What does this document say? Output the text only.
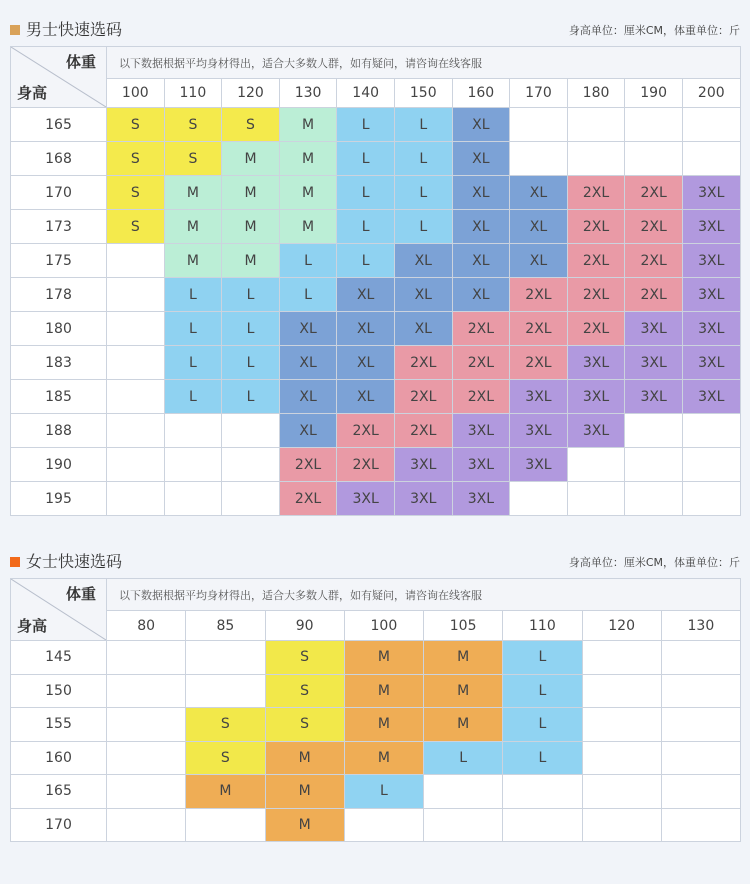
男士快速选码	身高单位：厘米CM，体重单位：斤
体重
身高	以下数据根据平均身材得出，适合大多数人群，如有疑问，请咨询在线客服										
	100	110	120	130	140	150	160	170	180	190	200
165	S	S	S	M	L	L	XL				
168	S	S	M	M	L	L	XL				
170	S	M	M	M	L	L	XL	XL	2XL	2XL	3XL
173	S	M	M	M	L	L	XL	XL	2XL	2XL	3XL
175		M	M	L	L	XL	XL	XL	2XL	2XL	3XL
178		L	L	L	XL	XL	XL	2XL	2XL	2XL	3XL
180		L	L	XL	XL	XL	2XL	2XL	2XL	3XL	3XL
183		L	L	XL	XL	2XL	2XL	2XL	3XL	3XL	3XL
185		L	L	XL	XL	2XL	2XL	3XL	3XL	3XL	3XL
188				XL	2XL	2XL	3XL	3XL	3XL		
190				2XL	2XL	3XL	3XL	3XL			
195				2XL	3XL	3XL	3XL				
女士快速选码	身高单位：厘米CM，体重单位：斤
体重
身高	以下数据根据平均身材得出，适合大多数人群，如有疑问，请咨询在线客服							
	80	85	90	100	105	110	120	130
145			S	M	M	L		
150			S	M	M	L		
155		S	S	M	M	L		
160		S	M	M	L	L		
165		M	M	L				
170			M					
